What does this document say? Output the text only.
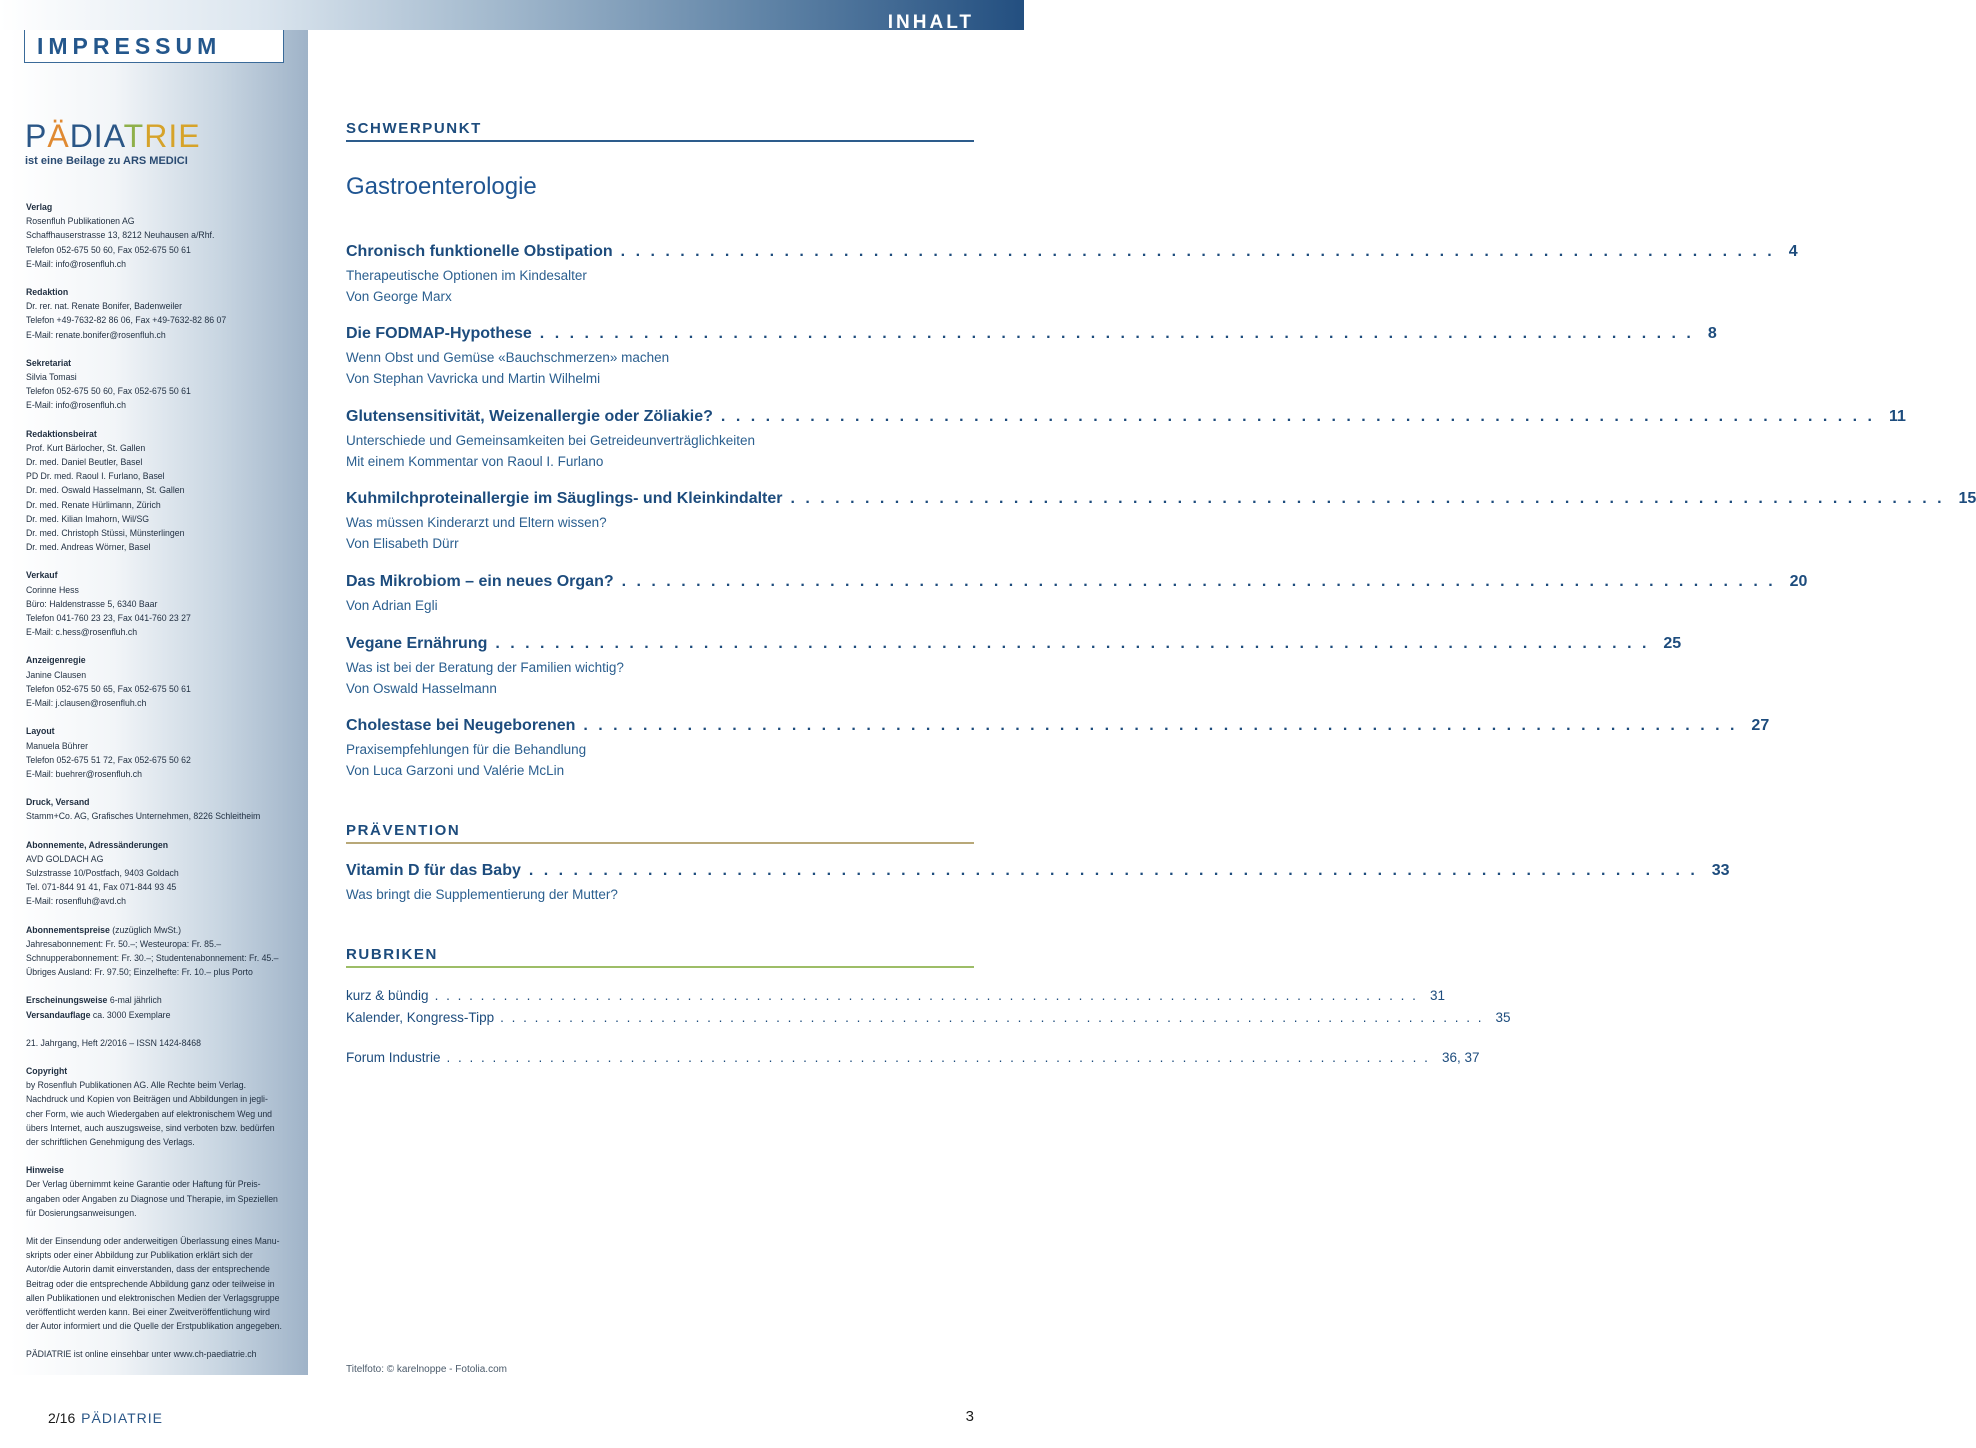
INHALT
IMPRESSUM
PÄDIATRIE
ist eine Beilage zu ARS MEDICI
Verlag
Rosenfluh Publikationen AG
Schaffhauserstrasse 13, 8212 Neuhausen a/Rhf.
Telefon 052-675 50 60, Fax 052-675 50 61
E-Mail: info@rosenfluh.ch
Redaktion
Dr. rer. nat. Renate Bonifer, Badenweiler
Telefon +49-7632-82 86 06, Fax +49-7632-82 86 07
E-Mail: renate.bonifer@rosenfluh.ch
Sekretariat
Silvia Tomasi
Telefon 052-675 50 60, Fax 052-675 50 61
E-Mail: info@rosenfluh.ch
Redaktionsbeirat
Prof. Kurt Bärlocher, St. Gallen
Dr. med. Daniel Beutler, Basel
PD Dr. med. Raoul I. Furlano, Basel
Dr. med. Oswald Hasselmann, St. Gallen
Dr. med. Renate Hürlimann, Zürich
Dr. med. Kilian Imahorn, Wil/SG
Dr. med. Christoph Stüssi, Münsterlingen
Dr. med. Andreas Wörner, Basel
Verkauf
Corinne Hess
Büro: Haldenstrasse 5, 6340 Baar
Telefon 041-760 23 23, Fax 041-760 23 27
E-Mail: c.hess@rosenfluh.ch
Anzeigenregie
Janine Clausen
Telefon 052-675 50 65, Fax 052-675 50 61
E-Mail: j.clausen@rosenfluh.ch
Layout
Manuela Bührer
Telefon 052-675 51 72, Fax 052-675 50 62
E-Mail: buehrer@rosenfluh.ch
Druck, Versand
Stamm+Co. AG, Grafisches Unternehmen, 8226 Schleitheim
Abonnemente, Adressänderungen
AVD GOLDACH AG
Sulzstrasse 10/Postfach, 9403 Goldach
Tel. 071-844 91 41, Fax 071-844 93 45
E-Mail: rosenfluh@avd.ch
Abonnementspreise (zuzüglich MwSt.)
Jahresabonnement: Fr. 50.–; Westeuropa: Fr. 85.–
Schnupperabonnement: Fr. 30.–; Studentenabonnement: Fr. 45.–
Übriges Ausland: Fr. 97.50; Einzelhefte: Fr. 10.– plus Porto
Erscheinungsweise 6-mal jährlich
Versandauflage ca. 3000 Exemplare
21. Jahrgang, Heft 2/2016 – ISSN 1424-8468
Copyright
by Rosenfluh Publikationen AG. Alle Rechte beim Verlag.
Nachdruck und Kopien von Beiträgen und Abbildungen in jegli-
cher Form, wie auch Wiedergaben auf elektronischem Weg und
übers Internet, auch auszugsweise, sind verboten bzw. bedürfen
der schriftlichen Genehmigung des Verlags.
Hinweise
Der Verlag übernimmt keine Garantie oder Haftung für Preis-
angaben oder Angaben zu Diagnose und Therapie, im Speziellen
für Dosierungsanweisungen.
Mit der Einsendung oder anderweitigen Überlassung eines Manu-
skripts oder einer Abbildung zur Publikation erklärt sich der
Autor/die Autorin damit einverstanden, dass der entsprechende
Beitrag oder die entsprechende Abbildung ganz oder teilweise in
allen Publikationen und elektronischen Medien der Verlagsgruppe
veröffentlicht werden kann. Bei einer Zweitveröffentlichung wird
der Autor informiert und die Quelle der Erstpublikation angegeben.
PÄDIATRIE ist online einsehbar unter www.ch-paediatrie.ch
SCHWERPUNKT
Gastroenterologie
Chronisch funktionelle Obstipation . . . . . . . . . . . . . . . . . . . . . . . . . . . . . . . . . . . . . . . . . . . . . . . . . . . . . . . . . . . . . . . . . . . . . . . . . . . . . . 4
Therapeutische Optionen im Kindesalter
Von George Marx
Die FODMAP-Hypothese . . . . . . . . . . . . . . . . . . . . . . . . . . . . . . . . . . . . . . . . . . . . . . . . . . . . . . . . . . . . . . . . . . . . . . . . . . . . . . 8
Wenn Obst und Gemüse «Bauchschmerzen» machen
Von Stephan Vavricka und Martin Wilhelmi
Glutensensitivität, Weizenallergie oder Zöliakie? . . . . . . . . . . . . . . . . . . . . . . . . . . . . . . . . . . . . . . . . . . . . . . . . . . . . . . . . . . . . . . . . . . . . . . . . . . . . . . 11
Unterschiede und Gemeinsamkeiten bei Getreideunverträglichkeiten
Mit einem Kommentar von Raoul I. Furlano
Kuhmilchproteinallergie im Säuglings- und Kleinkindalter . . . . . . . . . . . . . . . . . . . . . . . . . . . . . . . . . . . . . . . . . . . . . . . . . . . . . . . . . . . . . . . . . . . . . . . . . . . . . . 15
Was müssen Kinderarzt und Eltern wissen?
Von Elisabeth Dürr
Das Mikrobiom – ein neues Organ? . . . . . . . . . . . . . . . . . . . . . . . . . . . . . . . . . . . . . . . . . . . . . . . . . . . . . . . . . . . . . . . . . . . . . . . . . . . . . . 20
Von Adrian Egli
Vegane Ernährung . . . . . . . . . . . . . . . . . . . . . . . . . . . . . . . . . . . . . . . . . . . . . . . . . . . . . . . . . . . . . . . . . . . . . . . . . . . . . . 25
Was ist bei der Beratung der Familien wichtig?
Von Oswald Hasselmann
Cholestase bei Neugeborenen . . . . . . . . . . . . . . . . . . . . . . . . . . . . . . . . . . . . . . . . . . . . . . . . . . . . . . . . . . . . . . . . . . . . . . . . . . . . . . 27
Praxisempfehlungen für die Behandlung
Von Luca Garzoni und Valérie McLin
PRÄVENTION
Vitamin D für das Baby . . . . . . . . . . . . . . . . . . . . . . . . . . . . . . . . . . . . . . . . . . . . . . . . . . . . . . . . . . . . . . . . . . . . . . . . . . . . . . . 33
Was bringt die Supplementierung der Mutter?
RUBRIKEN
kurz & bündig . . . . . . . . . . . . . . . . . . . . . . . . . . . . . . . . . . . . . . . . . . . . . . . . . . . . . . . . . . . . . . . . . . . . . . . . . . . . . . . . . . . . . . 31
Kalender, Kongress-Tipp . . . . . . . . . . . . . . . . . . . . . . . . . . . . . . . . . . . . . . . . . . . . . . . . . . . . . . . . . . . . . . . . . . . . . . . . . . . . . . . . . . . . . . 35
Forum Industrie . . . . . . . . . . . . . . . . . . . . . . . . . . . . . . . . . . . . . . . . . . . . . . . . . . . . . . . . . . . . . . . . . . . . . . . . . . . . . . . . . . . . . . 36, 37
Titelfoto: © karelnoppe - Fotolia.com
2/16 PÄDIATRIE	3
